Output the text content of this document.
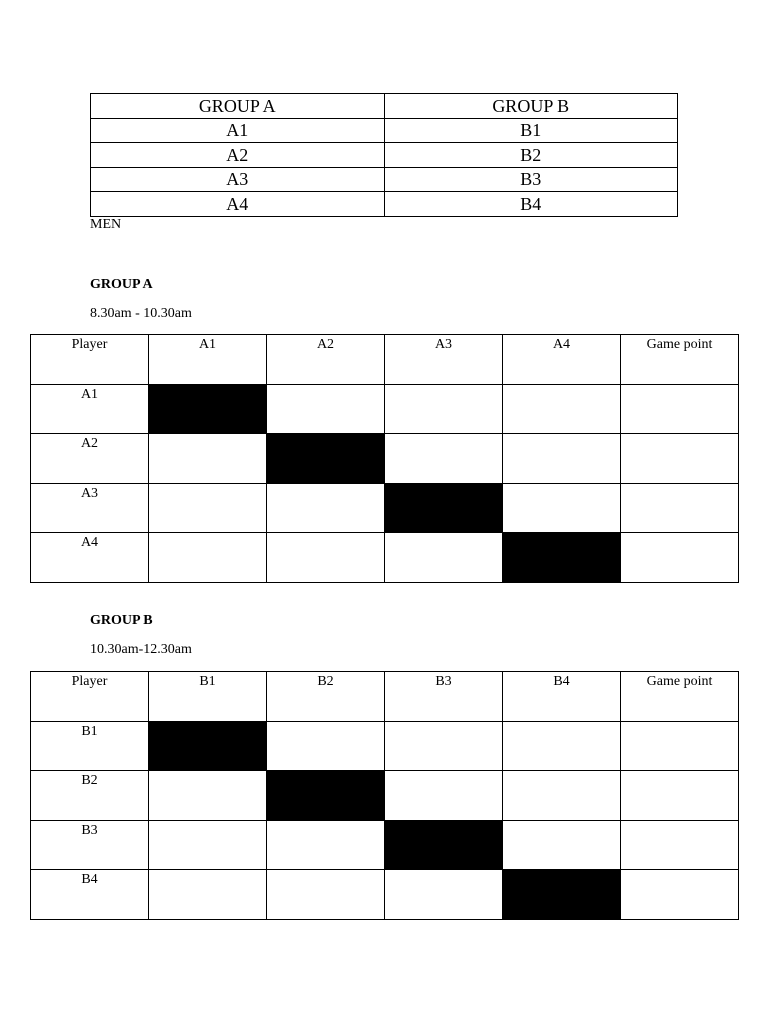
GROUP A	GROUP B
A1	B1
A2	B2
A3	B3
A4	B4
MEN
GROUP A
8.30am - 10.30am
Player	A1	A2	A3	A4	Game point
A1					
A2					
A3					
A4					
GROUP B
10.30am-12.30am
Player	B1	B2	B3	B4	Game point
B1					
B2					
B3					
B4					
